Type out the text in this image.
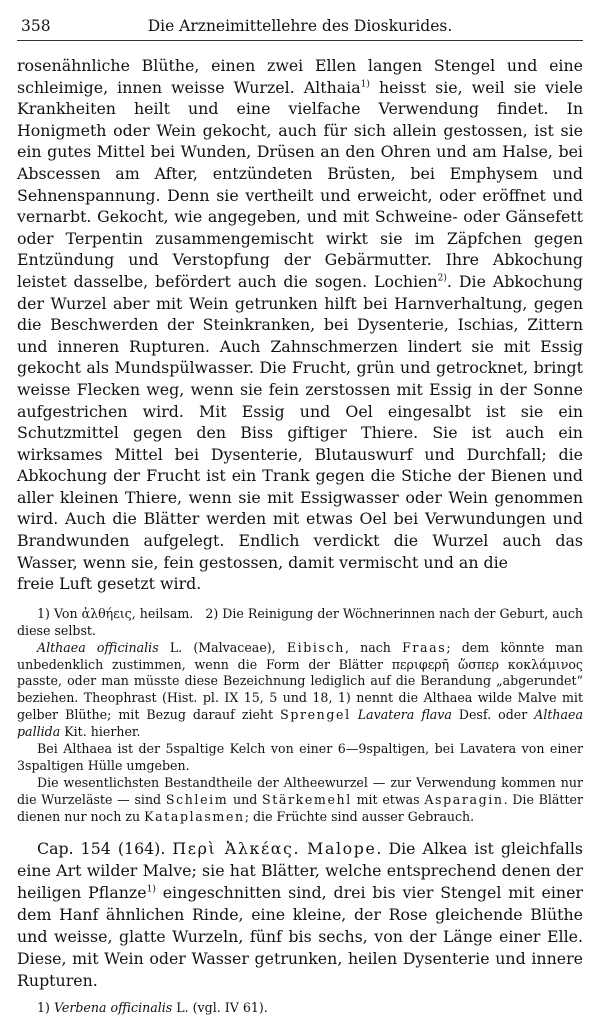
358	Die Arzneimittellehre des Dioskurides.

rosenähnliche Blüthe, einen zwei Ellen langen Stengel und eine schleimige, innen weisse Wurzel. Althaia$^{1)}$ heisst sie, weil sie viele Krankheiten heilt und eine vielfache Verwendung findet. In Honigmeth oder Wein gekocht, auch für sich allein gestossen, ist sie ein gutes Mittel bei Wunden, Drüsen an den Ohren und am Halse, bei Abscessen am After, entzündeten Brüsten, bei Emphysem und Sehnenspannung. Denn sie vertheilt und erweicht, oder eröffnet und vernarbt. Gekocht, wie angegeben, und mit Schweine- oder Gänsefett oder Terpentin zusammengemischt wirkt sie im Zäpfchen gegen Entzündung und Verstopfung der Gebärmutter. Ihre Abkochung leistet dasselbe, befördert auch die sogen. Lochien$^{2)}$. Die Abkochung der Wurzel aber mit Wein getrunken hilft bei Harnverhaltung, gegen die Beschwerden der Steinkranken, bei Dysenterie, Ischias, Zittern und inneren Rupturen. Auch Zahnschmerzen lindert sie mit Essig gekocht als Mundspülwasser. Die Frucht, grün und getrocknet, bringt weisse Flecken weg, wenn sie fein zerstossen mit Essig in der Sonne aufgestrichen wird. Mit Essig und Oel eingesalbt ist sie ein Schutzmittel gegen den Biss giftiger Thiere. Sie ist auch ein wirksames Mittel bei Dysenterie, Blutauswurf und Durchfall; die Abkochung der Frucht ist ein Trank gegen die Stiche der Bienen und aller kleinen Thiere, wenn sie mit Essigwasser oder Wein genommen wird. Auch die Blätter werden mit etwas Oel bei Verwundungen und Brandwunden aufgelegt. Endlich verdickt die Wurzel auch das Wasser, wenn sie, fein gestossen, damit vermischt und an die

freie Luft gesetzt wird.

1) Von ἀλθήεις, heilsam. 2) Die Reinigung der Wöchnerinnen nach der Geburt, auch diese selbst.

Althaea officinalis L. (Malvaceae), Eibisch, nach Fraas; dem könnte man unbedenklich zustimmen, wenn die Form der Blätter περιφερῆ ὥσπερ κοκλάμινος passte, oder man müsste diese Bezeichnung lediglich auf die Berandung „abgerundet“ beziehen. Theophrast (Hist. pl. IX 15, 5 und 18, 1) nennt die Althaea wilde Malve mit gelber Blüthe; mit Bezug darauf zieht Sprengel Lavatera flava Desf. oder Althaea pallida Kit. hierher.

Bei Althaea ist der 5spaltige Kelch von einer 6—9spaltigen, bei Lavatera von einer 3spaltigen Hülle umgeben.

Die wesentlichsten Bestandtheile der Altheewurzel — zur Verwendung kommen nur die Wurzeläste — sind Schleim und Stärkemehl mit etwas Asparagin. Die Blätter dienen nur noch zu Kataplasmen; die Früchte sind ausser Gebrauch.

Cap. 154 (164). Περὶ Ἀλκέας. Malope. Die Alkea ist gleichfalls eine Art wilder Malve; sie hat Blätter, welche entsprechend denen der heiligen Pflanze$^{1)}$ eingeschnitten sind, drei bis vier Stengel mit einer dem Hanf ähnlichen Rinde, eine kleine, der Rose gleichende Blüthe und weisse, glatte Wurzeln, fünf bis sechs, von der Länge einer Elle. Diese, mit Wein oder Wasser getrunken, heilen Dysenterie und innere Rupturen.

1) Verbena officinalis L. (vgl. IV 61).
